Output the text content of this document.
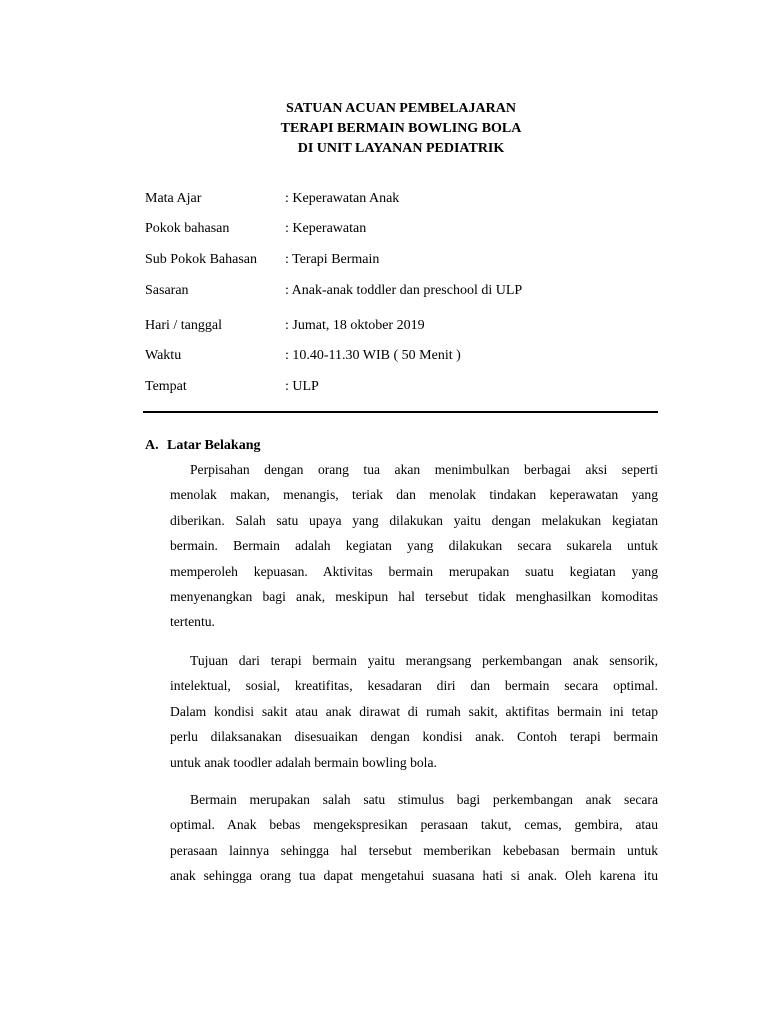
SATUAN ACUAN PEMBELAJARAN
TERAPI BERMAIN BOWLING BOLA
DI UNIT LAYANAN PEDIATRIK
Mata Ajar	: Keperawatan Anak
Pokok bahasan	: Keperawatan
Sub Pokok Bahasan : Terapi Bermain
Sasaran	: Anak-anak toddler dan preschool di ULP
Hari / tanggal	: Jumat, 18 oktober 2019
Waktu	: 10.40-11.30 WIB ( 50 Menit )
Tempat	: ULP
A. Latar Belakang
Perpisahan dengan orang tua akan menimbulkan berbagai aksi seperti
menolak makan, menangis, teriak dan menolak tindakan keperawatan yang
diberikan. Salah satu upaya yang dilakukan yaitu dengan melakukan kegiatan
bermain. Bermain adalah kegiatan yang dilakukan secara sukarela untuk
memperoleh kepuasan. Aktivitas bermain merupakan suatu kegiatan yang
menyenangkan bagi anak, meskipun hal tersebut tidak menghasilkan komoditas
tertentu.
Tujuan dari terapi bermain yaitu merangsang perkembangan anak sensorik,
intelektual, sosial, kreatifitas, kesadaran diri dan bermain secara optimal.
Dalam kondisi sakit atau anak dirawat di rumah sakit, aktifitas bermain ini tetap
perlu dilaksanakan disesuaikan dengan kondisi anak. Contoh terapi bermain
untuk anak toodler adalah bermain bowling bola.
Bermain merupakan salah satu stimulus bagi perkembangan anak secara
optimal. Anak bebas mengekspresikan perasaan takut, cemas, gembira, atau
perasaan lainnya sehingga hal tersebut memberikan kebebasan bermain untuk
anak sehingga orang tua dapat mengetahui suasana hati si anak. Oleh karena itu
